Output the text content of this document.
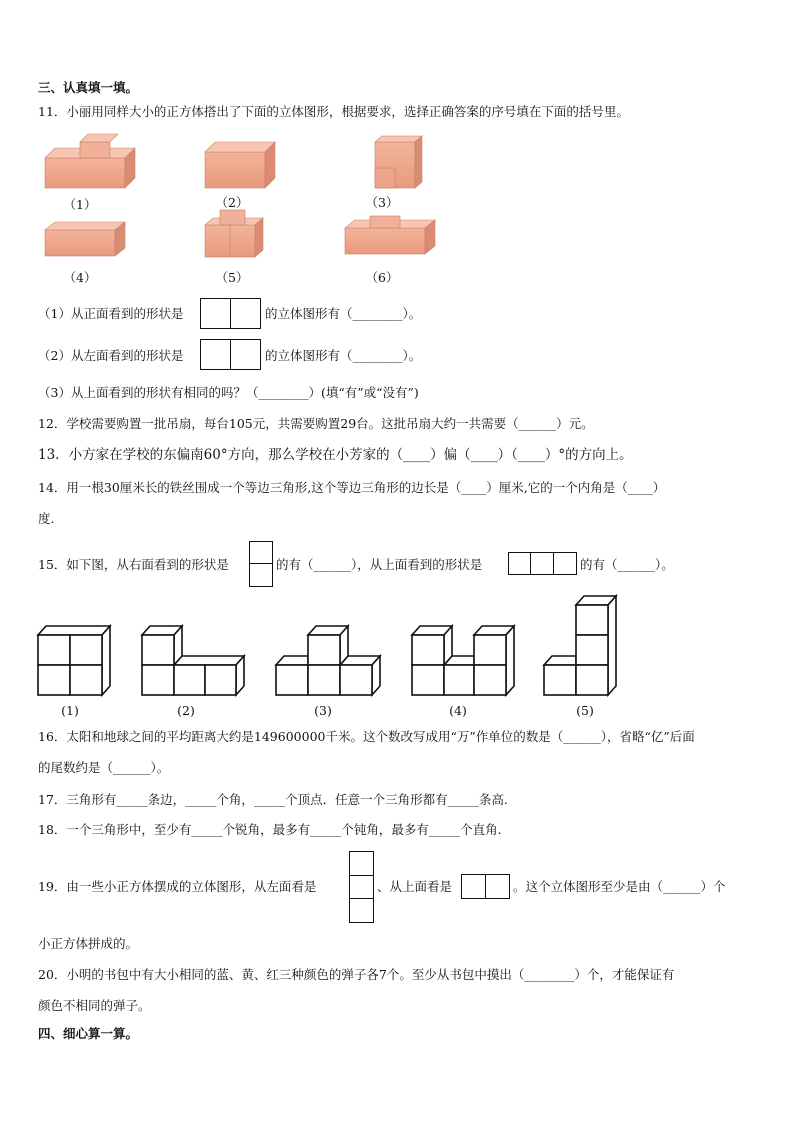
三、认真填一填。
11．小丽用同样大小的正方体搭出了下面的立体图形，根据要求，选择正确答案的序号填在下面的括号里。
（1）	（2）	（3）
（4）	（5）	（6）
（1）从正面看到的形状是	的立体图形有（________）。
（2）从左面看到的形状是	的立体图形有（________）。
（3）从上面看到的形状有相同的吗？（________）(填“有”或“没有”)
12．学校需要购置一批吊扇，每台105元，共需要购置29台。这批吊扇大约一共需要（______）元。
13．小方家在学校的东偏南60°方向，那么学校在小芳家的（____）偏（____）（____）°的方向上。
14．用一根30厘米长的铁丝围成一个等边三角形,这个等边三角形的边长是（____）厘米,它的一个内角是（____）
度.
15．如下图，从右面看到的形状是	的有（______），从上面看到的形状是	的有（______）。
(1)	(2)	(3)	(4)	(5)
16．太阳和地球之间的平均距离大约是149600000千米。这个数改写成用“万”作单位的数是（______），省略“亿”后面
的尾数约是（______）。
17．三角形有_____条边，_____个角，_____个顶点．任意一个三角形都有_____条高.
18．一个三角形中，至少有_____个锐角，最多有_____个钝角，最多有_____个直角.
19．由一些小正方体摆成的立体图形，从左面看是	、从上面看是	。这个立体图形至少是由（______）个
小正方体拼成的。
20．小明的书包中有大小相同的蓝、黄、红三种颜色的弹子各7个。至少从书包中摸出（________）个，才能保证有
颜色不相同的弹子。
四、细心算一算。
